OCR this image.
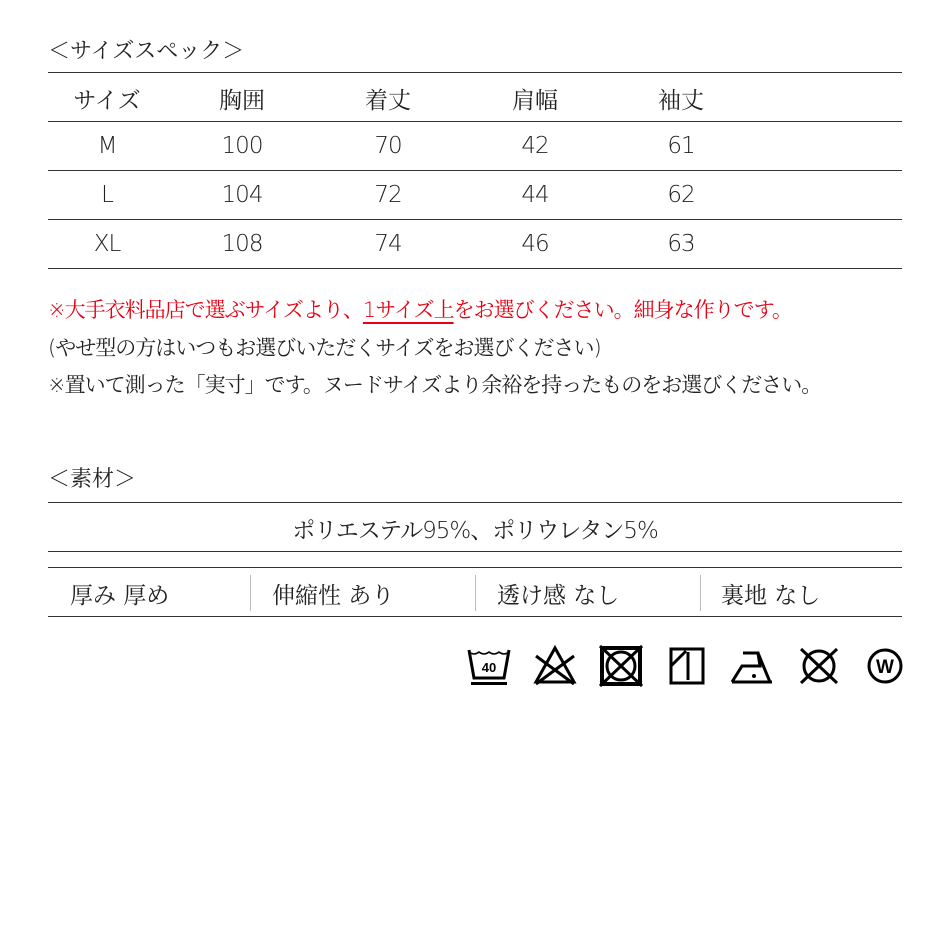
＜サイズスペック＞
サイズ	胸囲	着丈	肩幅	袖丈
M	100	70	42	61
L	104	72	44	62
XL	108	74	46	63
※大手衣料品店で選ぶサイズより、1サイズ上をお選びください。細身な作りです。
(やせ型の方はいつもお選びいただくサイズをお選びください)
※置いて測った「実寸」です。ヌードサイズより余裕を持ったものをお選びください。
＜素材＞
ポリエステル95%、ポリウレタン5%
厚み 厚め	伸縮性 あり	透け感 なし	裏地 なし
40	W
